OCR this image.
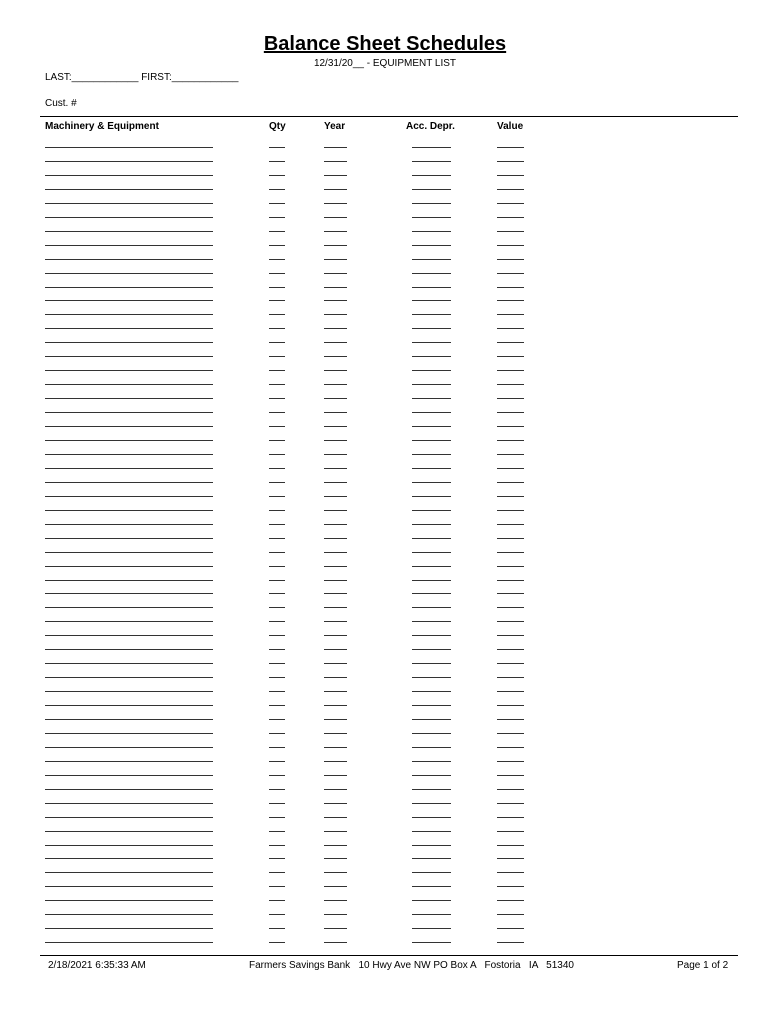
Balance Sheet Schedules
12/31/20__ - EQUIPMENT LIST
LAST:____________ FIRST:____________
Cust. #
Machinery & Equipment	Qty	Year	Acc. Depr.	Value
2/18/2021 6:35:33 AM	Farmers Savings Bank   10 Hwy Ave NW PO Box A   Fostoria   IA   51340	Page 1 of 2
